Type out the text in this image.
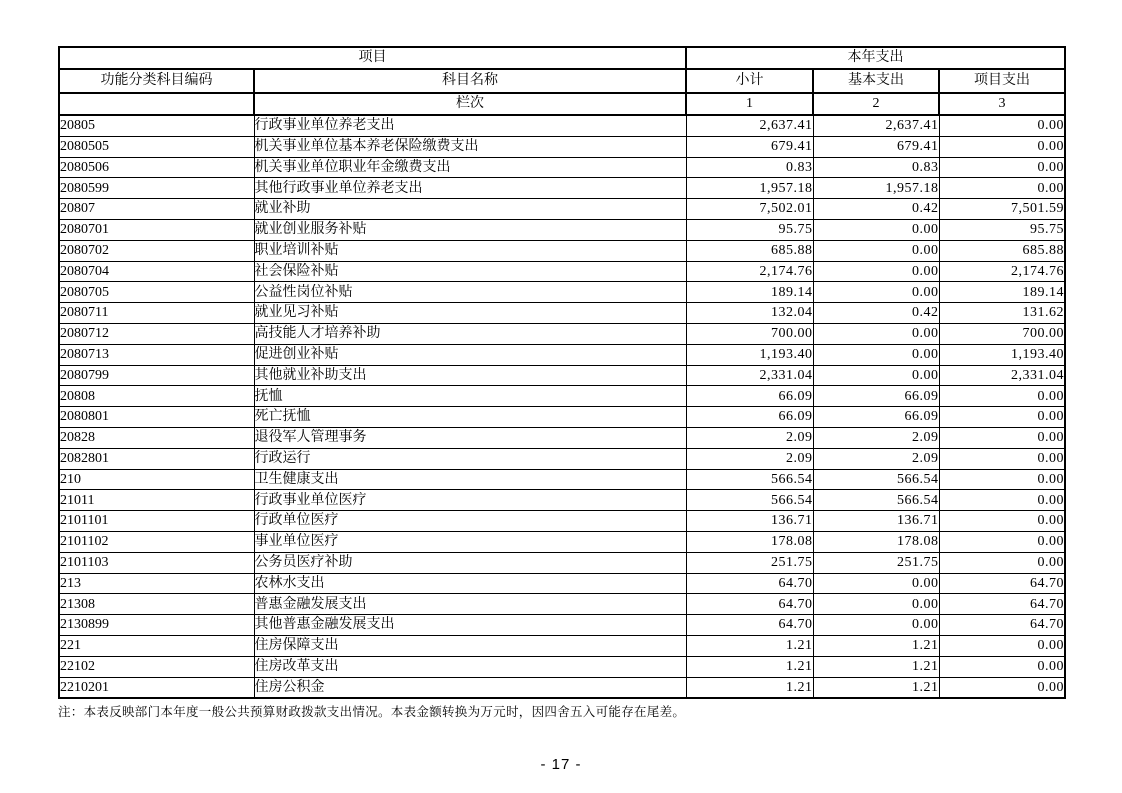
项目		本年支出		
功能分类科目编码	科目名称	小计	基本支出	项目支出
	栏次	1	2	3
20805	行政事业单位养老支出	2,637.41	2,637.41	0.00
2080505	机关事业单位基本养老保险缴费支出	679.41	679.41	0.00
2080506	机关事业单位职业年金缴费支出	0.83	0.83	0.00
2080599	其他行政事业单位养老支出	1,957.18	1,957.18	0.00
20807	就业补助	7,502.01	0.42	7,501.59
2080701	就业创业服务补贴	95.75	0.00	95.75
2080702	职业培训补贴	685.88	0.00	685.88
2080704	社会保险补贴	2,174.76	0.00	2,174.76
2080705	公益性岗位补贴	189.14	0.00	189.14
2080711	就业见习补贴	132.04	0.42	131.62
2080712	高技能人才培养补助	700.00	0.00	700.00
2080713	促进创业补贴	1,193.40	0.00	1,193.40
2080799	其他就业补助支出	2,331.04	0.00	2,331.04
20808	抚恤	66.09	66.09	0.00
2080801	死亡抚恤	66.09	66.09	0.00
20828	退役军人管理事务	2.09	2.09	0.00
2082801	行政运行	2.09	2.09	0.00
210	卫生健康支出	566.54	566.54	0.00
21011	行政事业单位医疗	566.54	566.54	0.00
2101101	行政单位医疗	136.71	136.71	0.00
2101102	事业单位医疗	178.08	178.08	0.00
2101103	公务员医疗补助	251.75	251.75	0.00
213	农林水支出	64.70	0.00	64.70
21308	普惠金融发展支出	64.70	0.00	64.70
2130899	其他普惠金融发展支出	64.70	0.00	64.70
221	住房保障支出	1.21	1.21	0.00
22102	住房改革支出	1.21	1.21	0.00
2210201	住房公积金	1.21	1.21	0.00
注：本表反映部门本年度一般公共预算财政拨款支出情况。本表金额转换为万元时，因四舍五入可能存在尾差。
- 17 -
